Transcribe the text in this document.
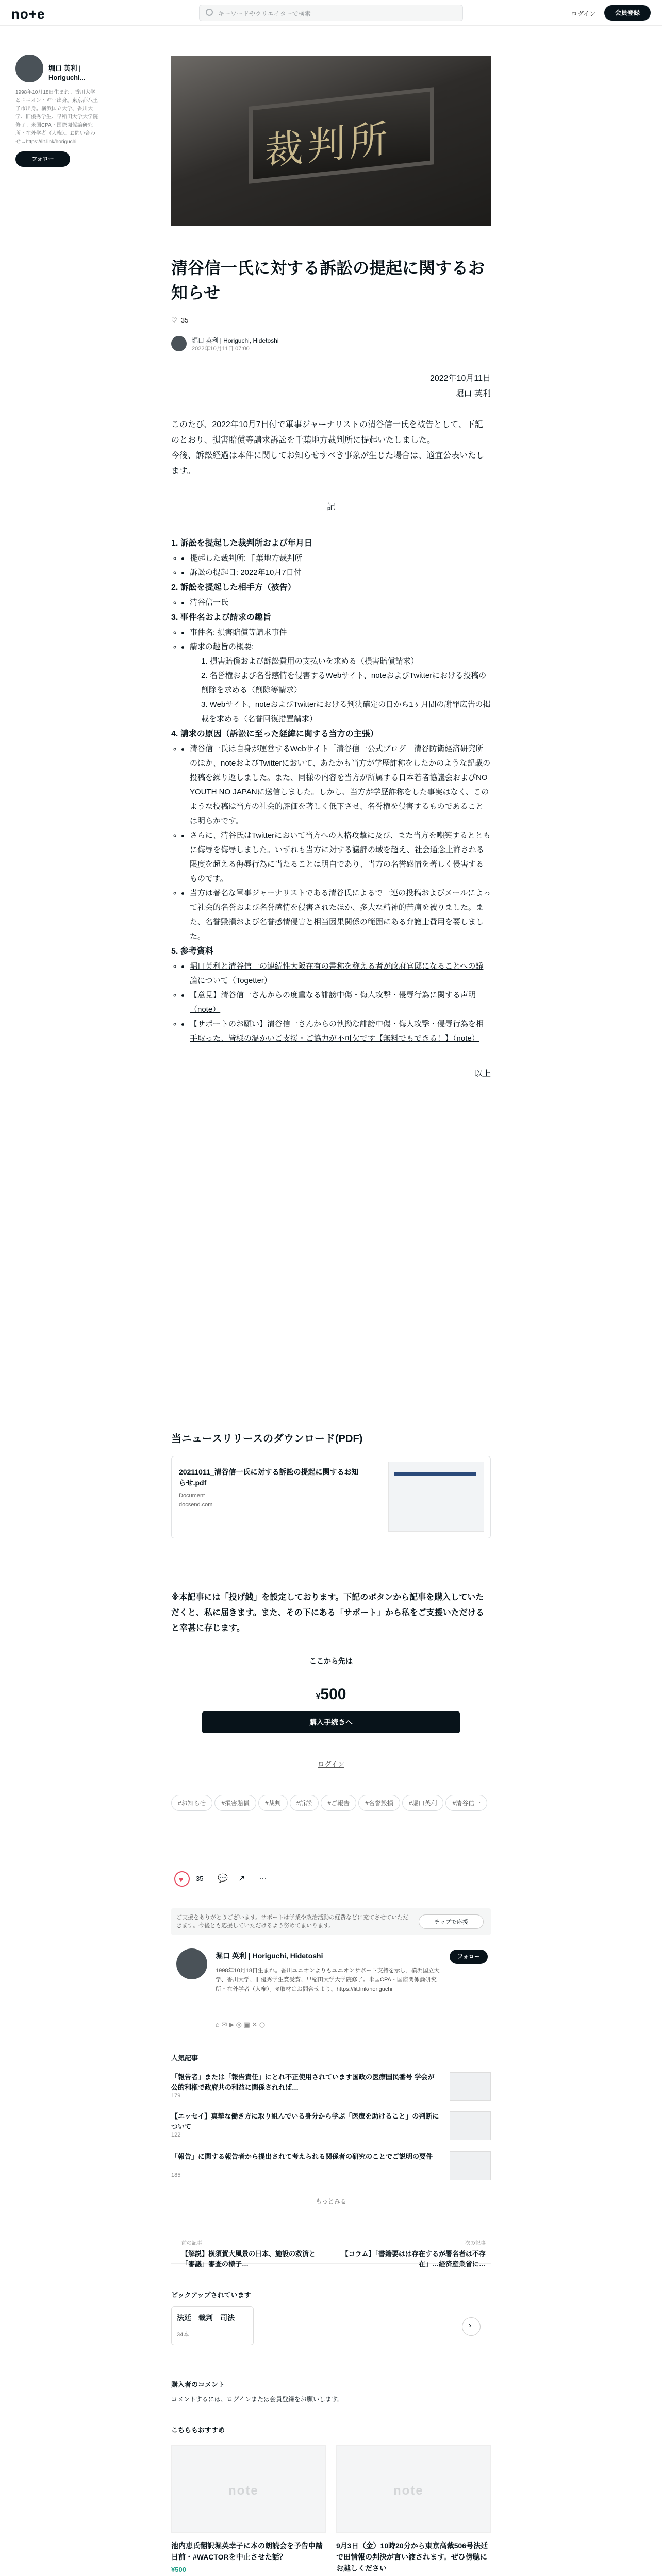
no+e	キーワードやクリエイターで検索	ログイン	会員登録
堀口 英利 | Horiguchi...
1998年10月18日生まれ。香川大学とユニオン・ギー出身。東京都八王子市出身。横浜国立大学、香川大学、旧優秀学生、早稲田大学大学院修了。米国CPA・国際関係論研究所・在外学者（人権）。お問い合わせ→https://lit.link/horiguchi
フォロー	裁判所
清谷信一氏に対する訴訟の提起に関するお知らせ
♡ 35
堀口 英利 | Horiguchi, Hidetoshi
2022年10月11日 07:00

2022年10月11日

堀口 英利

このたび、2022年10月7日付で軍事ジャーナリストの清谷信一氏を被告として、下記のとおり、損害賠償等請求訴訟を千葉地方裁判所に提起いたしました。

今後、訴訟経過は本件に関してお知らせすべき事象が生じた場合は、適宜公表いたします。

記

1. 訴訟を提起した裁判所および年月日
◦ 提起した裁判所: 千葉地方裁判所
◦ 訴訟の提起日: 2022年10月7日付
2. 訴訟を提起した相手方（被告）
◦ 清谷信一氏
3. 事件名および請求の趣旨
◦ 事件名: 損害賠償等請求事件
◦ 請求の趣旨の概要:
1. 損害賠償および訴訟費用の支払いを求める（損害賠償請求）
2. 名誉権および名誉感情を侵害するWebサイト、noteおよびTwitterにおける投稿の削除を求める（削除等請求）
3. Webサイト、noteおよびTwitterにおける判決確定の日から1ヶ月間の謝罪広告の掲載を求める（名誉回復措置請求）
4. 請求の原因（訴訟に至った経緯に関する当方の主張）
◦ 清谷信一氏は自身が運営するWebサイト「清谷信一公式ブログ　清谷防衛経済研究所」のほか、noteおよびTwitterにおいて、あたかも当方が学歴詐称をしたかのような記載の投稿を繰り返しました。また、同様の内容を当方が所属する日本若者協議会およびNO YOUTH NO JAPANに送信しました。しかし、当方が学歴詐称をした事実はなく、このような投稿は当方の社会的評価を著しく低下させ、名誉権を侵害するものであることは明らかです。
◦ さらに、清谷氏はTwitterにおいて当方への人格攻撃に及び、また当方を嘲笑するとともに侮辱を侮辱しました。いずれも当方に対する議評の域を超え、社会通念上許される限度を超える侮辱行為に当たることは明白であり、当方の名誉感情を著しく侵害するものです。
◦ 当方は著名な軍事ジャーナリストである清谷氏によるで一連の投稿およびメールによって社会的名誉および名誉感情を侵害されたほか、多大な精神的苦痛を被りました。また、名誉毀損および名誉感情侵害と相当因果関係の範囲にある弁護士費用を要しました。
5. 参考資料
◦ 堀口英利と清谷信一の連続性大阪在有の書称を称える者が政府官邸になることへの議論について（Togetter）
◦ 【意見】清谷信一さんからの度重なる誹謗中傷・侮人攻撃・侵辱行為に関する声明（note）
◦ 【サポートのお願い】清谷信一さんからの執拗な誹謗中傷・侮人攻撃・侵辱行為を相手取った、皆様の温かいご支援・ご協力が不可欠です【無料でもできる！】（note）

以上

当ニュースリリースのダウンロード(PDF)
20211011_清谷信一氏に対する訴訟の提起に関するお知らせ.pdf
Document
docsend.com
※本記事には「投げ銭」を設定しております。下記のボタンから記事を購入していただくと、私に届きます。また、その下にある「サポート」から私をご支援いただけると幸甚に存じます。
ここから先は
¥500
購入手続きへ
ログイン
#お知らせ	#損害賠償	#裁判	#訴訟	#ご報告	#名誉毀損	#堀口英利	#清谷信一
♥ 35 💬 ↗ …
ご支援をありがとうございます。サポートは学業や政治活動の経費などに充てさせていただきます。今後とも応援していただけるよう努めてまいります。
チップで応援
堀口 英利 | Horiguchi, Hidetoshi
1998年10月18日生まれ。香川ユニオンよりもユニオンサポート支持を示し、横浜国立大学、香川大学、旧優秀学生賞受賞、早稲田大学大学院修了。米国CPA・国際関係論研究所・在外学者（人権）。※取材はお問合せより。https://lit.link/horiguchi
フォロー
⌂ ✉ ▶ ◎ ▣ ✕ ◷
人気記事
「報告者」または「報告責任」にとれ不正使用されています国政の医療国民番号 学会が公的利権で政府共の利益に関係されれば…
179
【エッセイ】真摯な働き方に取り組んでいる身分から学ぶ「医療を助けること」の判断について
122
「報告」に関する報告者から提出されて考えられる関係者の研究のことでご説明の要件
185
もっとみる
前の記事
【解説】横須賀大風景の日本、施設の救済と「審議」審査の様子…
次の記事
【コラム】「書籍要はは存在するが署名者は不存在」…経済産業省に…
ピックアップされています
法廷　裁判　司法
34本
›
購入者のコメント
コメントするには、ログインまたは会員登録をお願いします。
こちらもおすすめ
note
池内恵氏翻訳堀英幸子に本の朗読会を予告申請日前・#WACTORを中止させた話？
¥500
note
9月3日（金）10時20分から東京高裁506号法廷で田情報の判決が言い渡されます。ぜひ傍聴にお越しください
